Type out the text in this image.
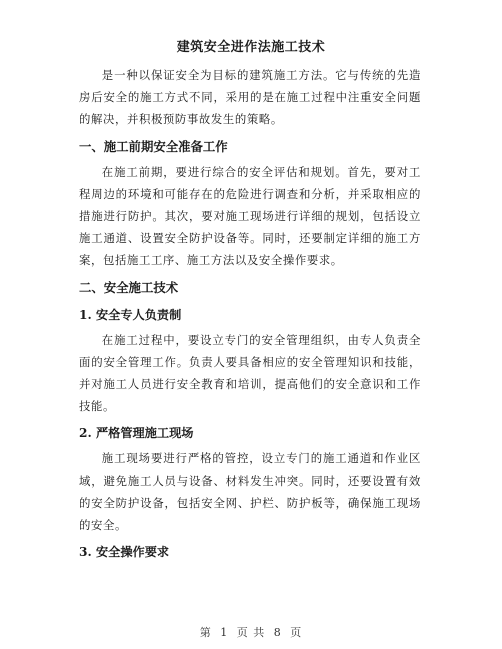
建筑安全进作法施工技术

是一种以保证安全为目标的建筑施工方法。它与传统的先造房后安全的施工方式不同，采用的是在施工过程中注重安全问题的解决，并积极预防事故发生的策略。

一、施工前期安全准备工作

在施工前期，要进行综合的安全评估和规划。首先，要对工程周边的环境和可能存在的危险进行调查和分析，并采取相应的措施进行防护。其次，要对施工现场进行详细的规划，包括设立施工通道、设置安全防护设备等。同时，还要制定详细的施工方案，包括施工工序、施工方法以及安全操作要求。

二、安全施工技术

1. 安全专人负责制

在施工过程中，要设立专门的安全管理组织，由专人负责全面的安全管理工作。负责人要具备相应的安全管理知识和技能，并对施工人员进行安全教育和培训，提高他们的安全意识和工作技能。

2. 严格管理施工现场

施工现场要进行严格的管控，设立专门的施工通道和作业区域，避免施工人员与设备、材料发生冲突。同时，还要设置有效的安全防护设备，包括安全网、护栏、防护板等，确保施工现场的安全。

3. 安全操作要求

第 1 页 共 8 页
